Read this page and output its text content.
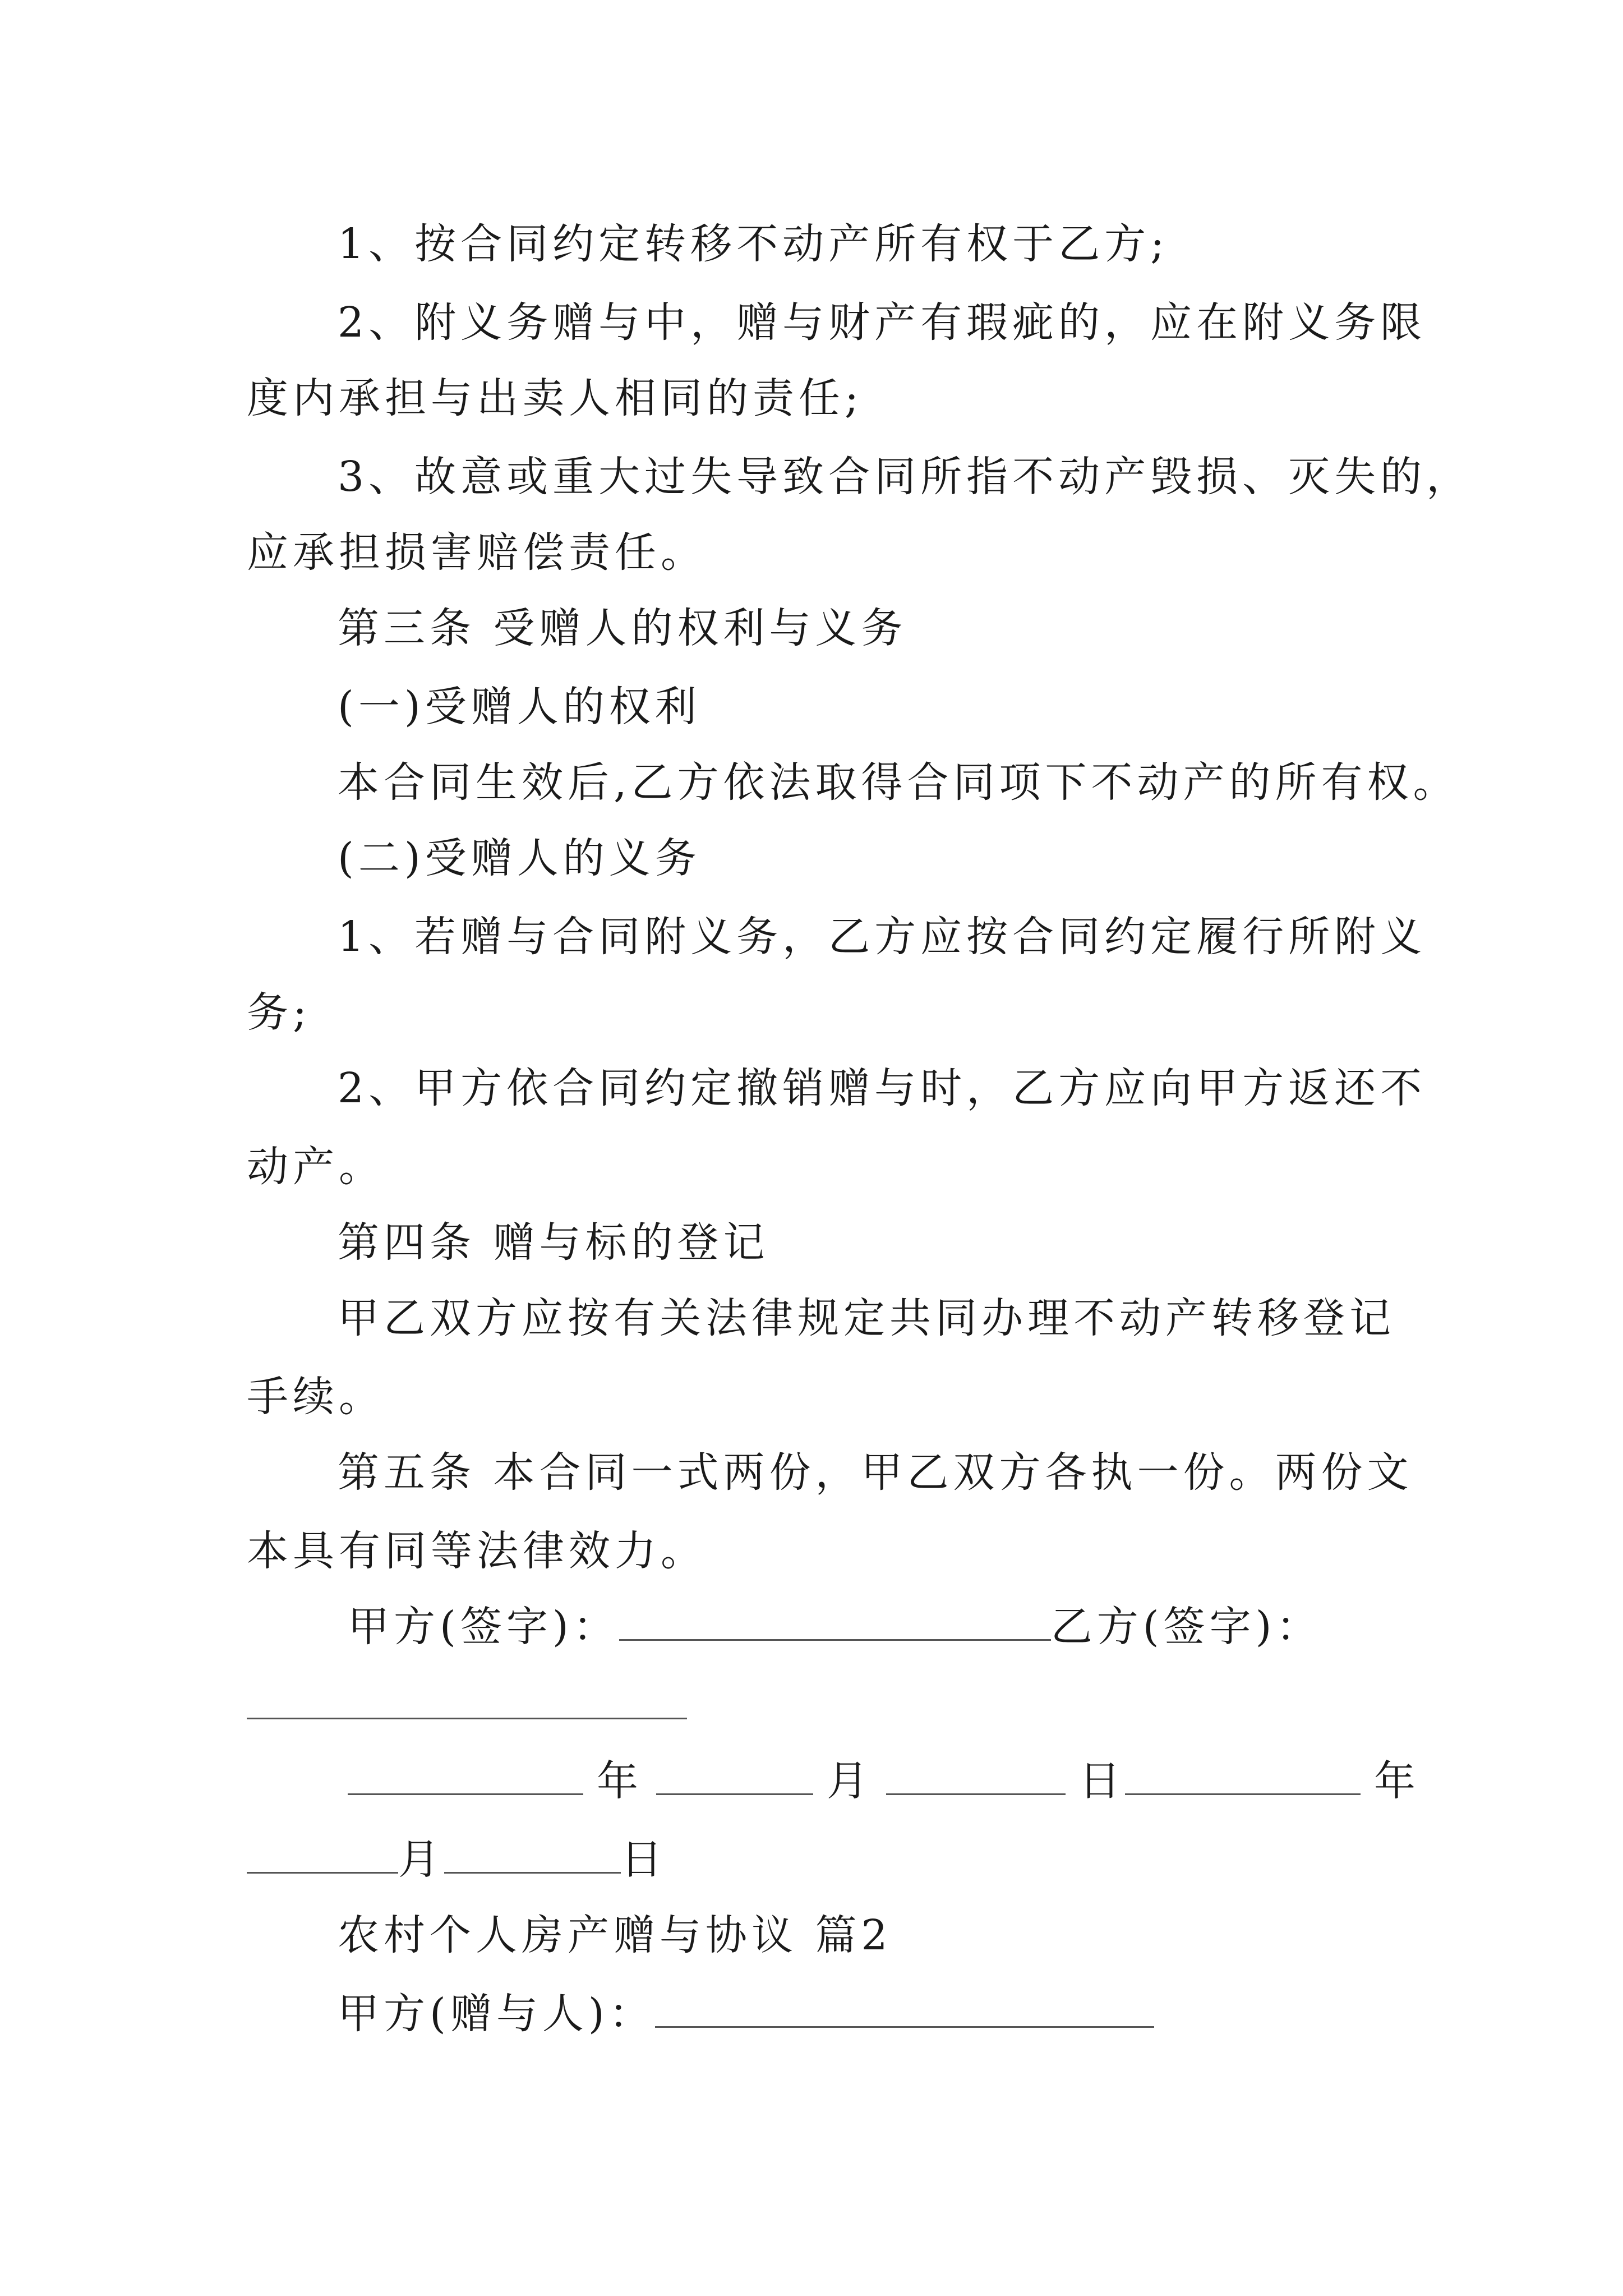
1、按合同约定转移不动产所有权于乙方;
2、附义务赠与中，赠与财产有瑕疵的，应在附义务限
度内承担与出卖人相同的责任;
3、故意或重大过失导致合同所指不动产毁损、灭失的，
应承担损害赔偿责任。
第三条 受赠人的权利与义务
(一)受赠人的权利
本合同生效后,乙方依法取得合同项下不动产的所有权。
(二)受赠人的义务
1、若赠与合同附义务，乙方应按合同约定履行所附义
务;
2、甲方依合同约定撤销赠与时，乙方应向甲方返还不
动产。
第四条 赠与标的登记
甲乙双方应按有关法律规定共同办理不动产转移登记
手续。
第五条 本合同一式两份，甲乙双方各执一份。两份文
本具有同等法律效力。
甲方(签字)：	乙方(签字)：
年	月	日	年
月	日
农村个人房产赠与协议 篇2
甲方(赠与人)：
